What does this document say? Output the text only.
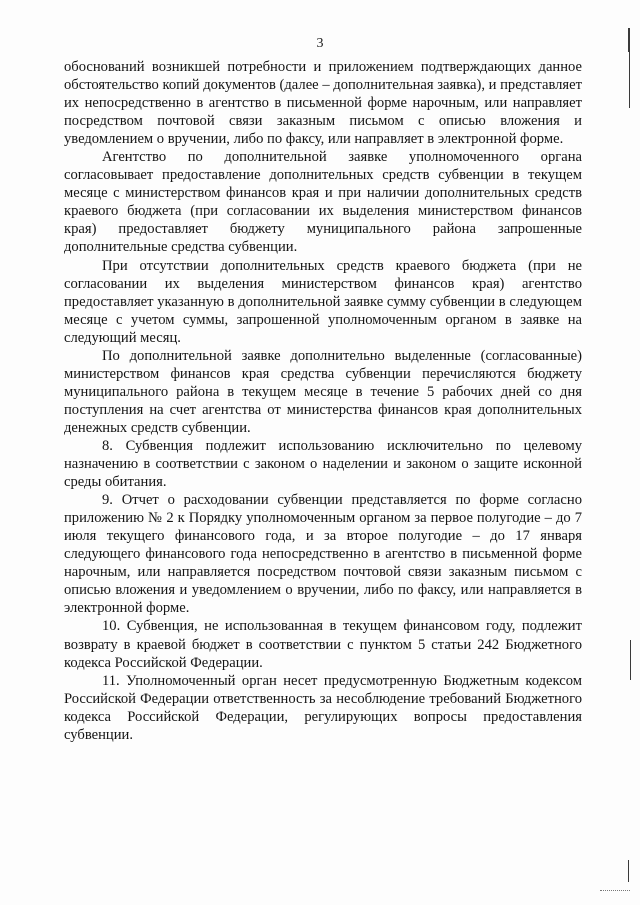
3

обоснований возникшей потребности и приложением подтверждающих данное обстоятельство копий документов (далее – дополнительная заявка), и представляет их непосредственно в агентство в письменной форме нарочным, или направляет посредством почтовой связи заказным письмом с описью вложения и уведомлением о вручении, либо по факсу, или направляет в электронной форме.

Агентство по дополнительной заявке уполномоченного органа согласовывает предоставление дополнительных средств субвенции в текущем месяце с министерством финансов края и при наличии дополнительных средств краевого бюджета (при согласовании их выделения министерством финансов края) предоставляет бюджету муниципального района запрошенные дополнительные средства субвенции.

При отсутствии дополнительных средств краевого бюджета (при не согласовании их выделения министерством финансов края) агентство предоставляет указанную в дополнительной заявке сумму субвенции в следующем месяце с учетом суммы, запрошенной уполномоченным органом в заявке на следующий месяц.

По дополнительной заявке дополнительно выделенные (согласованные) министерством финансов края средства субвенции перечисляются бюджету муниципального района в текущем месяце в течение 5 рабочих дней со дня поступления на счет агентства от министерства финансов края дополнительных денежных средств субвенции.

8. Субвенция подлежит использованию исключительно по целевому назначению в соответствии с законом о наделении и законом о защите исконной среды обитания.

9. Отчет о расходовании субвенции представляется по форме согласно приложению № 2 к Порядку уполномоченным органом за первое полугодие – до 7 июля текущего финансового года, и за второе полугодие – до 17 января следующего финансового года непосредственно в агентство в письменной форме нарочным, или направляется посредством почтовой связи заказным письмом с описью вложения и уведомлением о вручении, либо по факсу, или направляется в электронной форме.

10. Субвенция, не использованная в текущем финансовом году, подлежит возврату в краевой бюджет в соответствии с пунктом 5 статьи 242 Бюджетного кодекса Российской Федерации.

11. Уполномоченный орган несет предусмотренную Бюджетным кодексом Российской Федерации ответственность за несоблюдение требований Бюджетного кодекса Российской Федерации, регулирующих вопросы предоставления субвенции.
